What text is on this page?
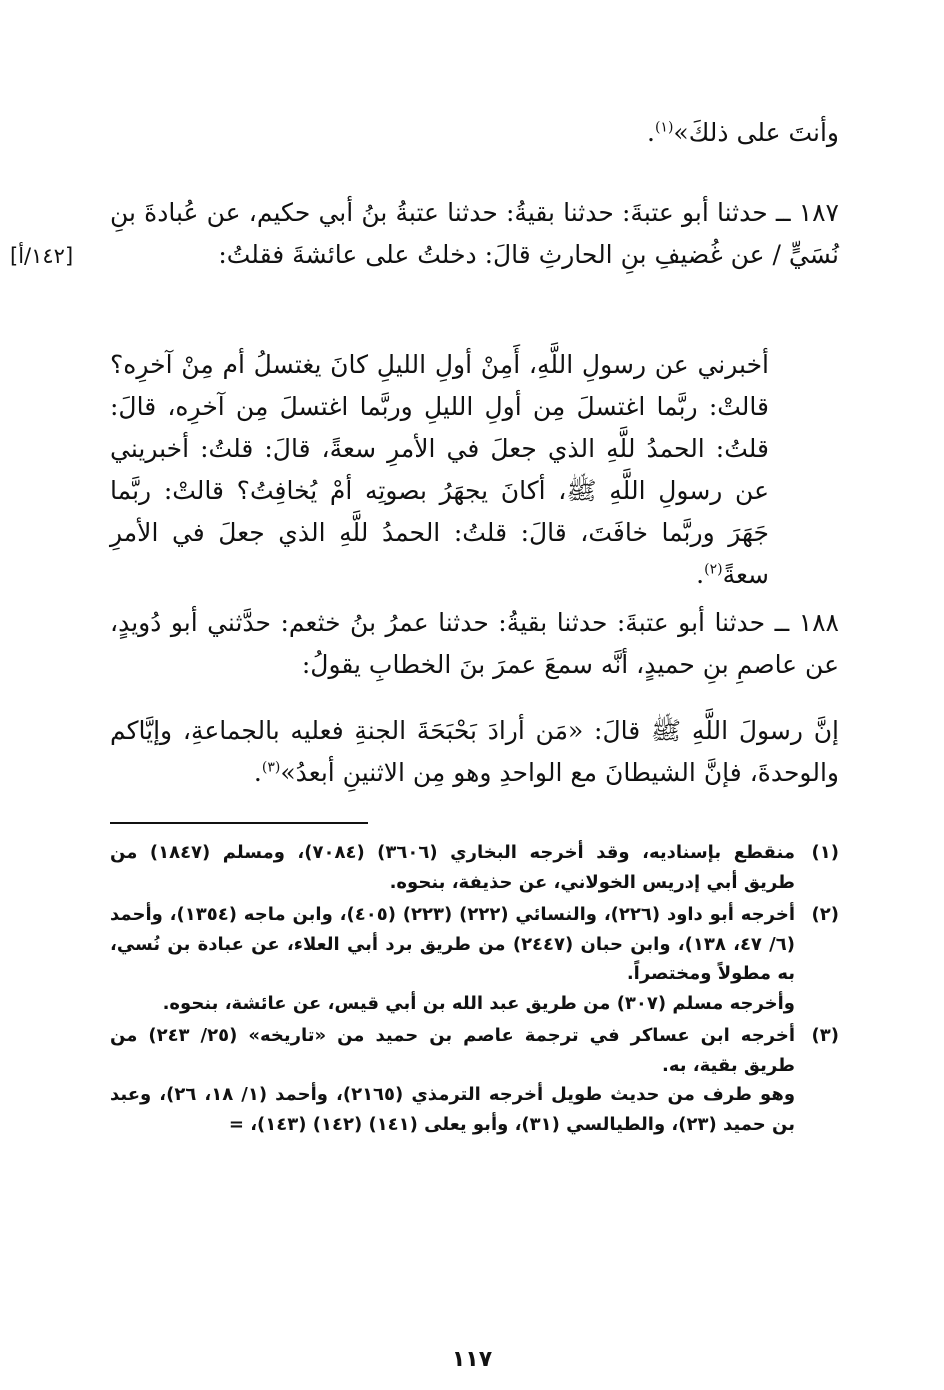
وأنتَ على ذلكَ»$^{(١)}$.

١٨٧ ــ حدثنا أبو عتبةَ: حدثنا بقيةُ: حدثنا عتبةُ بنُ أبي حكيم، عن عُبادةَ بنِ نُسَيٍّ / عن غُضيفِ بنِ الحارثِ قالَ: دخلتُ على عائشةَ فقلتُ:

[١٤٢/أ]

أخبرني عن رسولِ اللَّهِ، أَمِنْ أولِ الليلِ كانَ يغتسلُ أم مِنْ آخرِه؟ قالتْ: ربَّما اغتسلَ مِن أولِ الليلِ وربَّما اغتسلَ مِن آخرِه، قالَ: قلتُ: الحمدُ للَّهِ الذي جعلَ في الأمرِ سعةً، قالَ: قلتُ: أخبريني عن رسولِ اللَّهِ ﷺ، أكانَ يجهَرُ بصوتِه أمْ يُخافِتُ؟ قالتْ: ربَّما جَهَرَ وربَّما خافَتَ، قالَ: قلتُ: الحمدُ للَّهِ الذي جعلَ في الأمرِ سعةً$^{(٢)}$.

١٨٨ ــ حدثنا أبو عتبةَ: حدثنا بقيةُ: حدثنا عمرُ بنُ خثعم: حدَّثني أبو دُويدٍ، عن عاصمِ بنِ حميدٍ، أنَّه سمعَ عمرَ بنَ الخطابِ يقولُ:

إنَّ رسولَ اللَّهِ ﷺ قالَ: «مَن أرادَ بَحْبَحَةَ الجنةِ فعليه بالجماعةِ، وإيَّاكم والوحدةَ، فإنَّ الشيطانَ مع الواحدِ وهو مِن الاثنينِ أبعدُ»$^{(٣)}$.

(١)
منقطع بإسناديه، وقد أخرجه البخاري (٣٦٠٦) (٧٠٨٤)، ومسلم (١٨٤٧) من طريق أبي إدريس الخولاني، عن حذيفة، بنحوه.
(٢)
أخرجه أبو داود (٢٢٦)، والنسائي (٢٢٢) (٢٢٣) (٤٠٥)، وابن ماجه (١٣٥٤)، وأحمد (٦/ ٤٧، ١٣٨)، وابن حبان (٢٤٤٧) من طريق برد أبي العلاء، عن عبادة بن نُسي، به مطولاً ومختصراً.
وأخرجه مسلم (٣٠٧) من طريق عبد الله بن أبي قيس، عن عائشة، بنحوه.
(٣)
أخرجه ابن عساكر في ترجمة عاصم بن حميد من «تاريخه» (٢٥/ ٢٤٣) من طريق بقية، به.
وهو طرف من حديث طويل أخرجه الترمذي (٢١٦٥)، وأحمد (١/ ١٨، ٢٦)، وعبد بن حميد (٢٣)، والطيالسي (٣١)، وأبو يعلى (١٤١) (١٤٢) (١٤٣)، =
١١٧
